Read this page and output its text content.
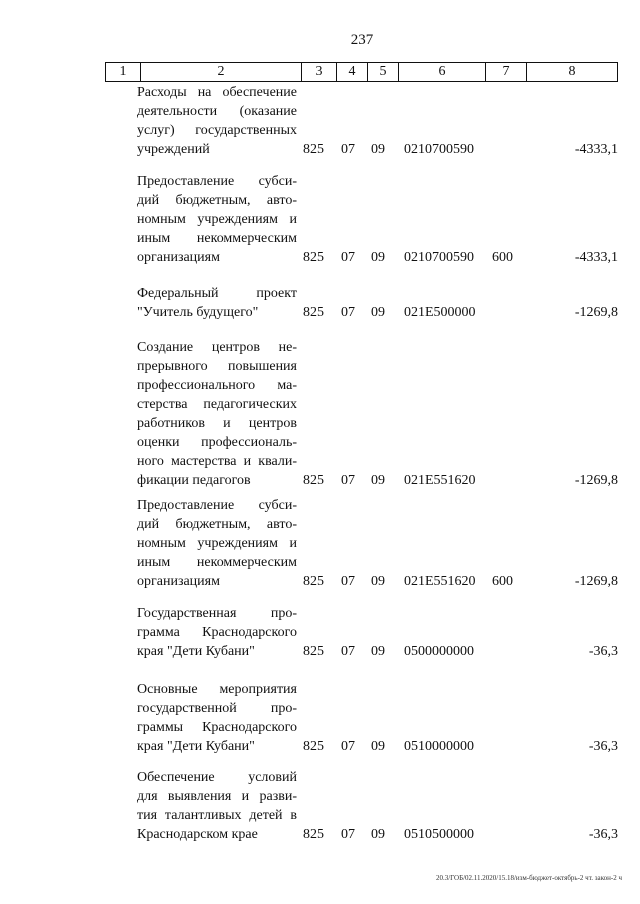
237
1	2	3	4	5	6	7	8
Расходы на обеспечение
деятельности (оказание
услуг) государственных
учреждений	825 07 09 0210700590	-4333,1
Предоставление субси-
дий бюджетным, авто-
номным учреждениям и
иным некоммерческим
организациям	825 07 09 0210700590 600	-4333,1
Федеральный проект
"Учитель будущего"	825 07 09 021E500000	-1269,8
Создание центров не-
прерывного повышения
профессионального ма-
стерства педагогических
работников и центров
оценки профессиональ-
ного мастерства и квали-
фикации педагогов	825 07 09 021E551620	-1269,8
Предоставление субси-
дий бюджетным, авто-
номным учреждениям и
иным некоммерческим
организациям	825 07 09 021E551620 600	-1269,8
Государственная про-
грамма Краснодарского
края "Дети Кубани"	825 07 09 0500000000	-36,3
Основные мероприятия
государственной про-
граммы Краснодарского
края "Дети Кубани"	825 07 09 0510000000	-36,3
Обеспечение условий
для выявления и разви-
тия талантливых детей в
Краснодарском крае	825 07 09 0510500000	-36,3
20.3/ГОБ/02.11.2020/15.18/изм-бюджет-октябрь-2 чт. закон-2 ч
